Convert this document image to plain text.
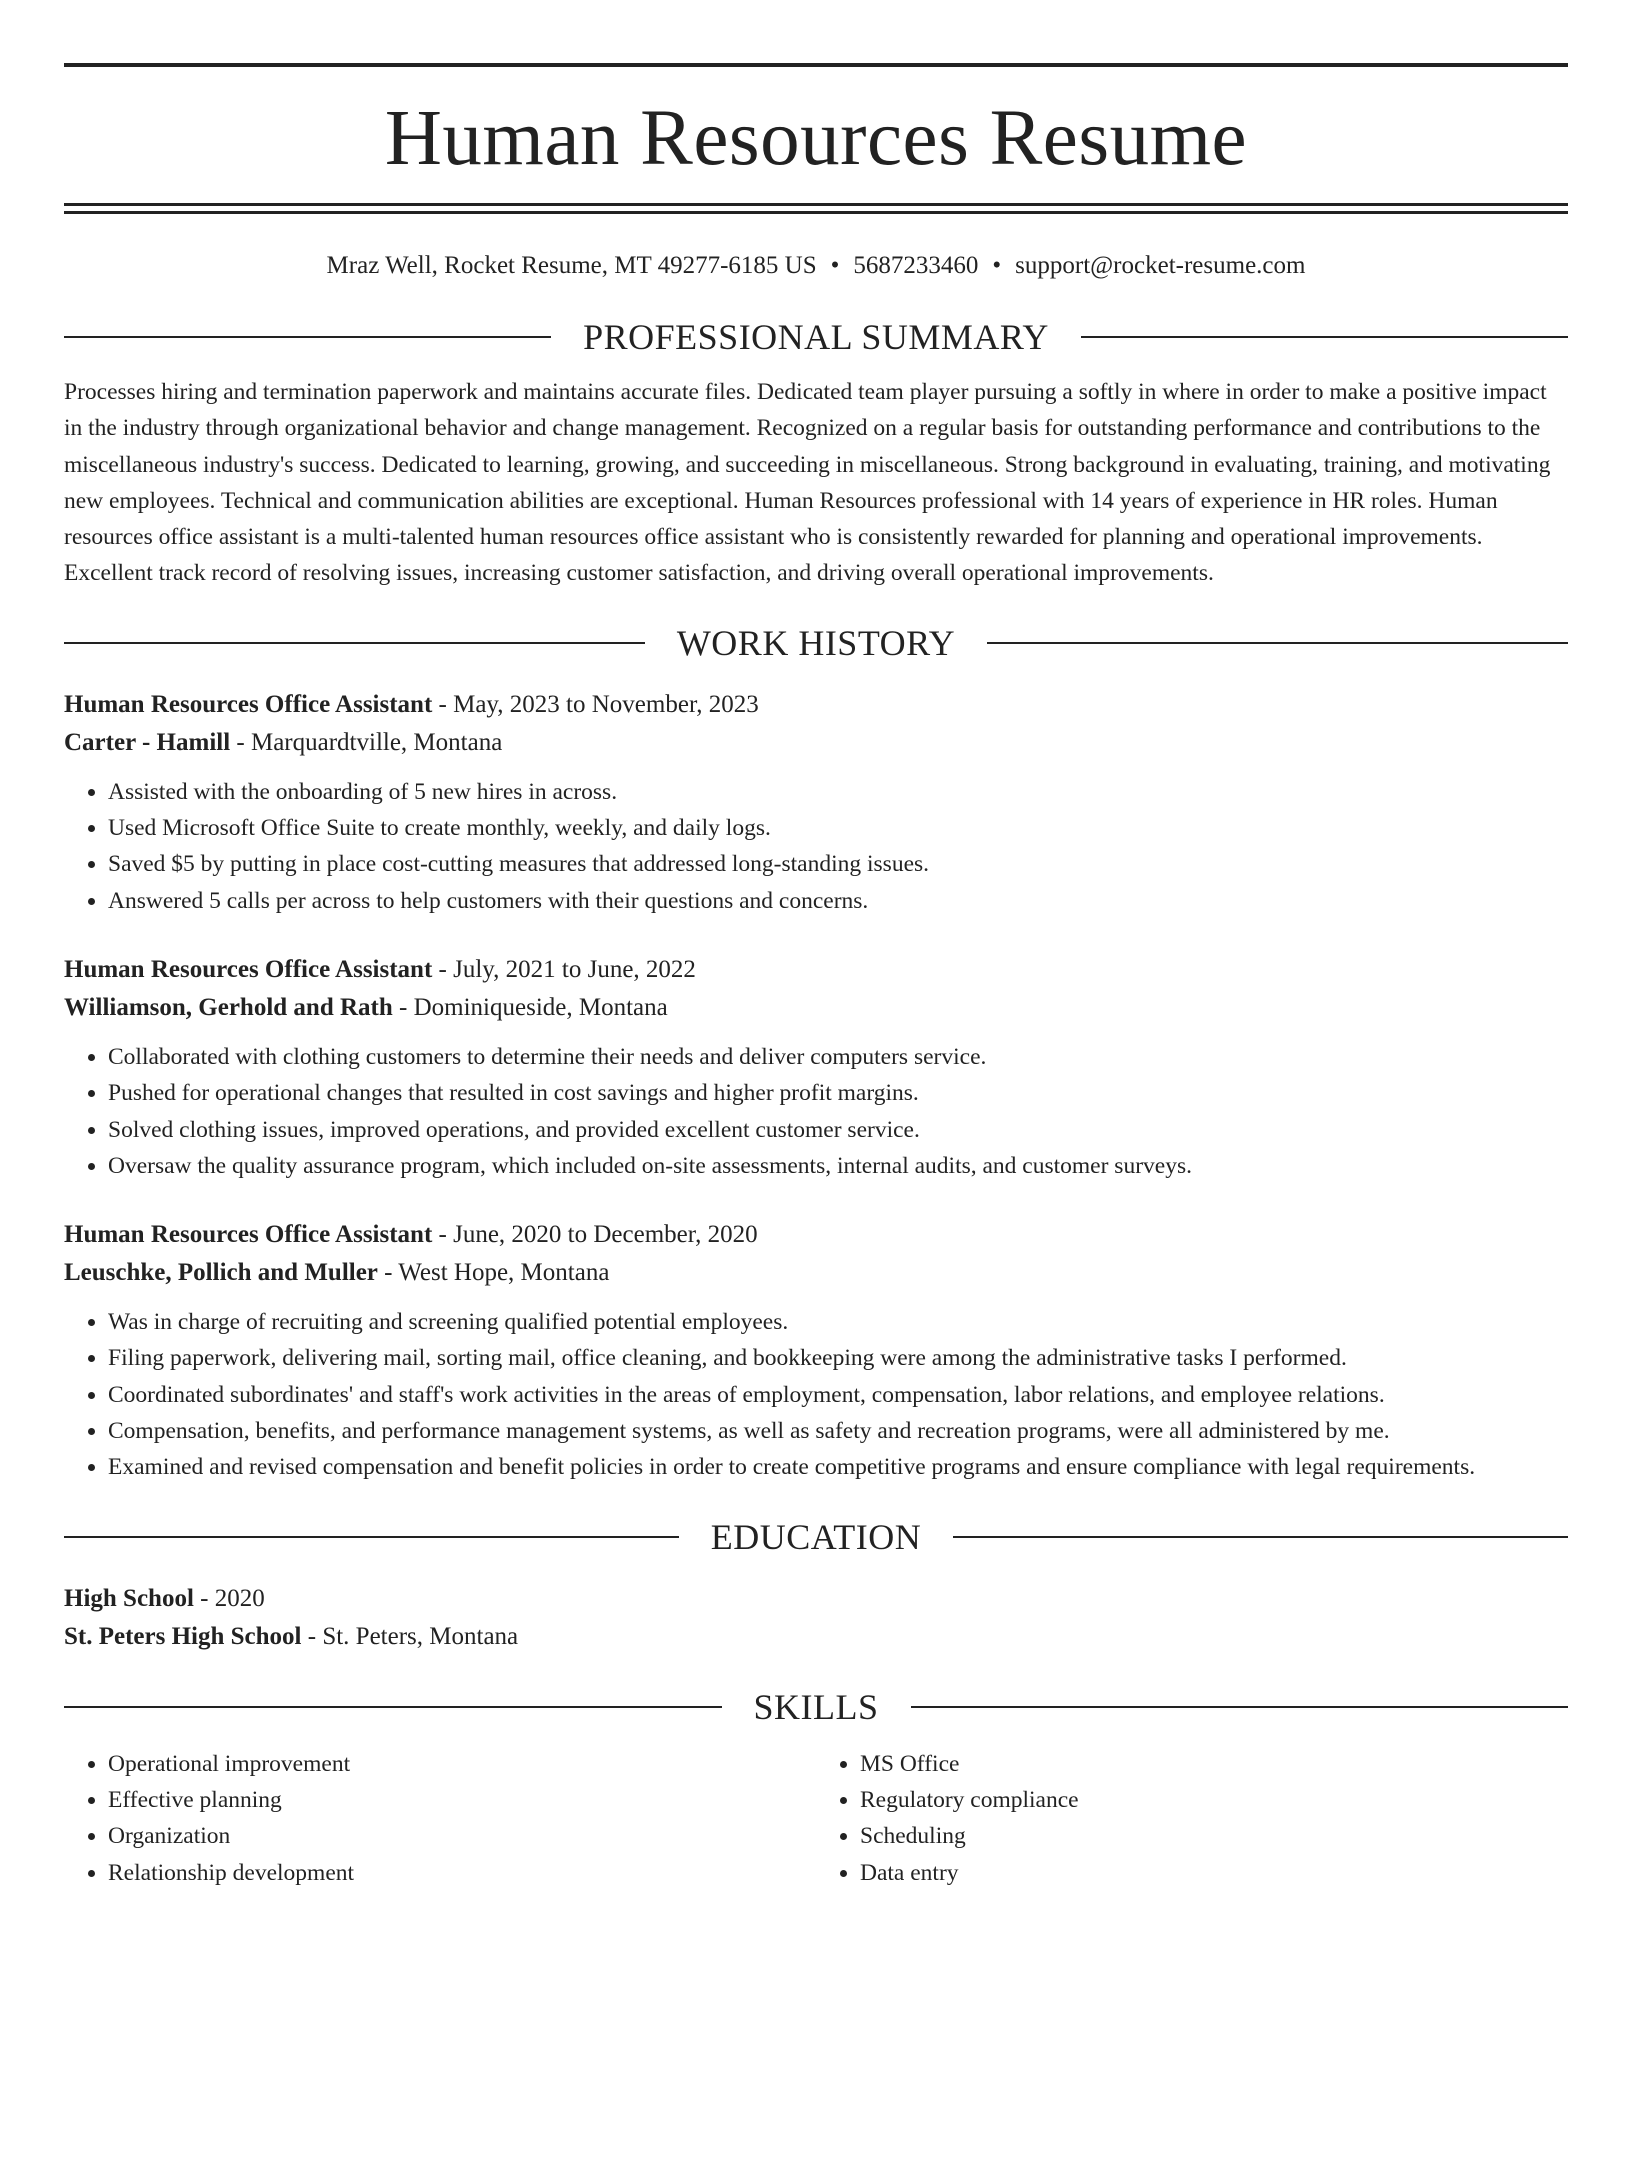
Human Resources Resume
Mraz Well, Rocket Resume, MT 49277-6185 US • 5687233460 • support@rocket-resume.com
PROFESSIONAL SUMMARY
Processes hiring and termination paperwork and maintains accurate files. Dedicated team player pursuing a softly in where in order to make a positive impact in the industry through organizational behavior and change management. Recognized on a regular basis for outstanding performance and contributions to the miscellaneous industry's success. Dedicated to learning, growing, and succeeding in miscellaneous. Strong background in evaluating, training, and motivating new employees. Technical and communication abilities are exceptional. Human Resources professional with 14 years of experience in HR roles. Human resources office assistant is a multi-talented human resources office assistant who is consistently rewarded for planning and operational improvements. Excellent track record of resolving issues, increasing customer satisfaction, and driving overall operational improvements.
WORK HISTORY
Human Resources Office Assistant - May, 2023 to November, 2023
Carter - Hamill - Marquardtville, Montana
• Assisted with the onboarding of 5 new hires in across.
• Used Microsoft Office Suite to create monthly, weekly, and daily logs.
• Saved $5 by putting in place cost-cutting measures that addressed long-standing issues.
• Answered 5 calls per across to help customers with their questions and concerns.
Human Resources Office Assistant - July, 2021 to June, 2022
Williamson, Gerhold and Rath - Dominiqueside, Montana
• Collaborated with clothing customers to determine their needs and deliver computers service.
• Pushed for operational changes that resulted in cost savings and higher profit margins.
• Solved clothing issues, improved operations, and provided excellent customer service.
• Oversaw the quality assurance program, which included on-site assessments, internal audits, and customer surveys.
Human Resources Office Assistant - June, 2020 to December, 2020
Leuschke, Pollich and Muller - West Hope, Montana
• Was in charge of recruiting and screening qualified potential employees.
• Filing paperwork, delivering mail, sorting mail, office cleaning, and bookkeeping were among the administrative tasks I performed.
• Coordinated subordinates' and staff's work activities in the areas of employment, compensation, labor relations, and employee relations.
• Compensation, benefits, and performance management systems, as well as safety and recreation programs, were all administered by me.
• Examined and revised compensation and benefit policies in order to create competitive programs and ensure compliance with legal requirements.
EDUCATION
High School - 2020
St. Peters High School - St. Peters, Montana
SKILLS
• Operational improvement
• Effective planning
• Organization
• Relationship development
• MS Office
• Regulatory compliance
• Scheduling
• Data entry
